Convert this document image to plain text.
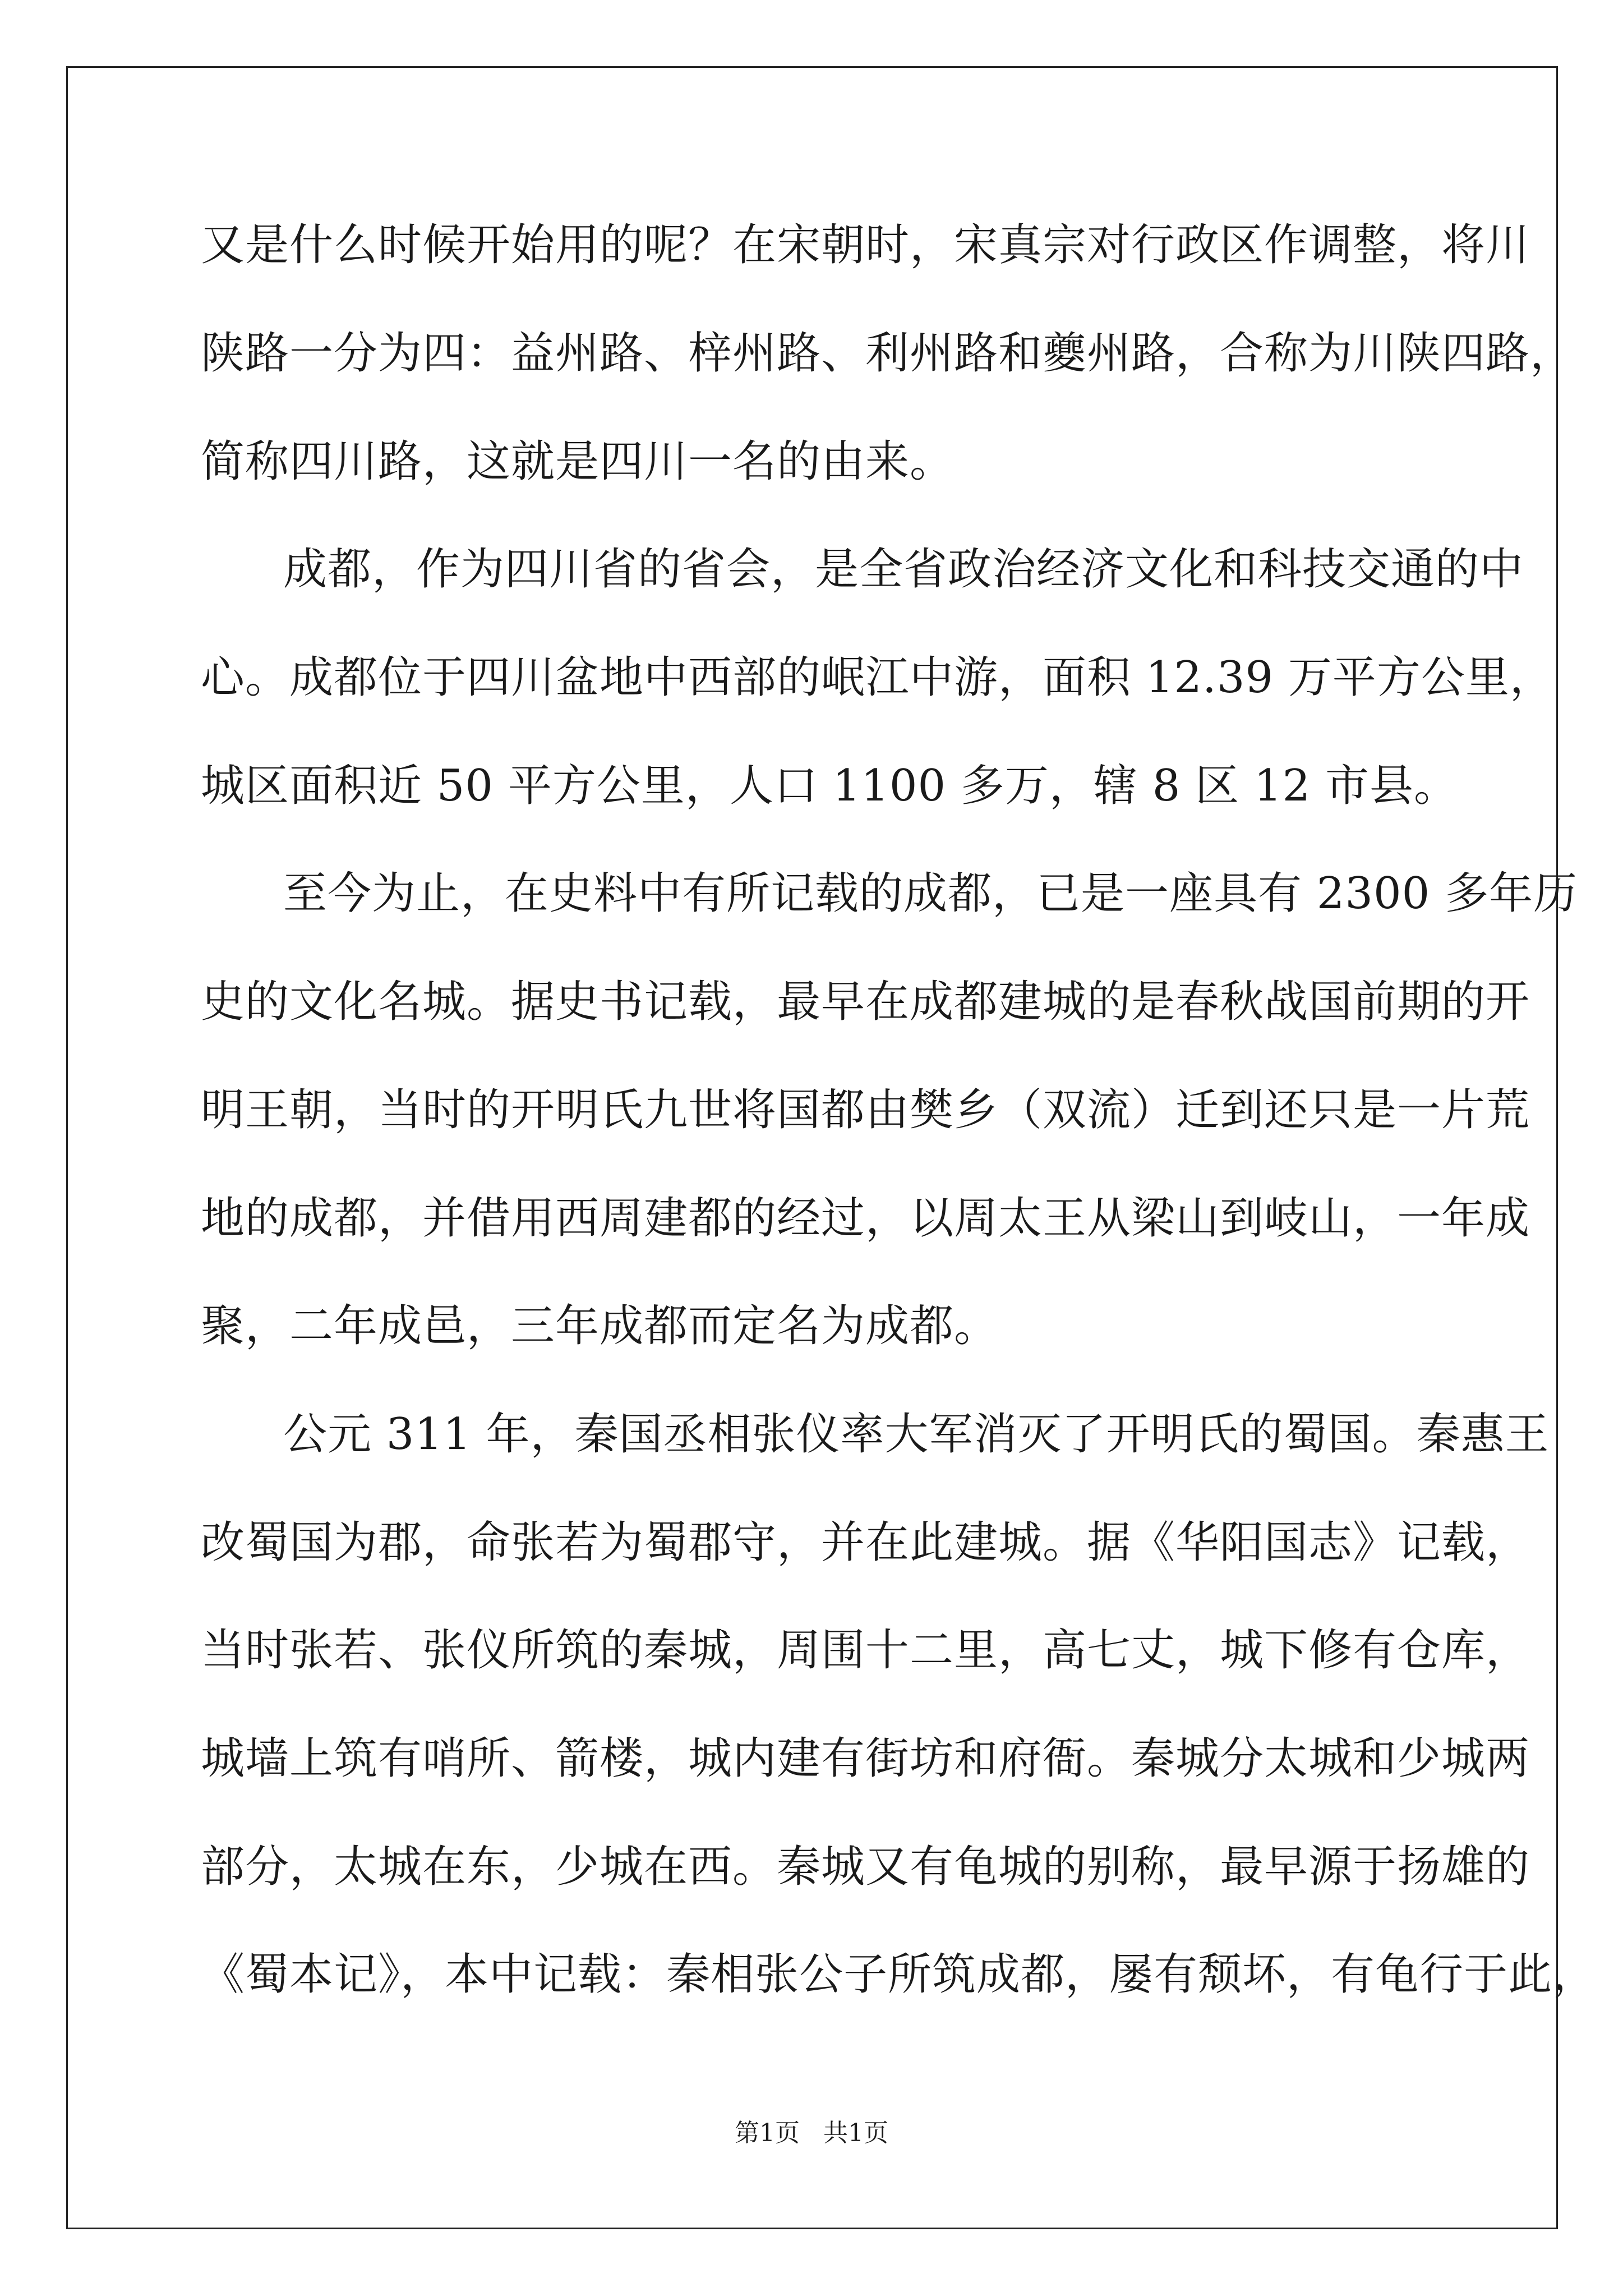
又是什么时候开始用的呢？在宋朝时，宋真宗对行政区作调整，将川
陕路一分为四：益州路、梓州路、利州路和夔州路，合称为川陕四路，
简称四川路，这就是四川一名的由来。
成都，作为四川省的省会，是全省政治经济文化和科技交通的中
心。成都位于四川盆地中西部的岷江中游，面积 12.39 万平方公里，
城区面积近 50 平方公里，人口 1100 多万，辖 8 区 12 市县。
至今为止，在史料中有所记载的成都，已是一座具有 2300 多年历
史的文化名城。据史书记载，最早在成都建城的是春秋战国前期的开
明王朝，当时的开明氏九世将国都由樊乡（双流）迁到还只是一片荒
地的成都，并借用西周建都的经过，以周太王从梁山到岐山，一年成
聚，二年成邑，三年成都而定名为成都。
公元 311 年，秦国丞相张仪率大军消灭了开明氏的蜀国。秦惠王
改蜀国为郡，命张若为蜀郡守，并在此建城。据《华阳国志》记载，
当时张若、张仪所筑的秦城，周围十二里，高七丈，城下修有仓库，
城墙上筑有哨所、箭楼，城内建有街坊和府衙。秦城分太城和少城两
部分，太城在东，少城在西。秦城又有龟城的别称，最早源于扬雄的
《蜀本记》，本中记载：秦相张公子所筑成都，屡有颓坏，有龟行于此，
第1页   共1页
